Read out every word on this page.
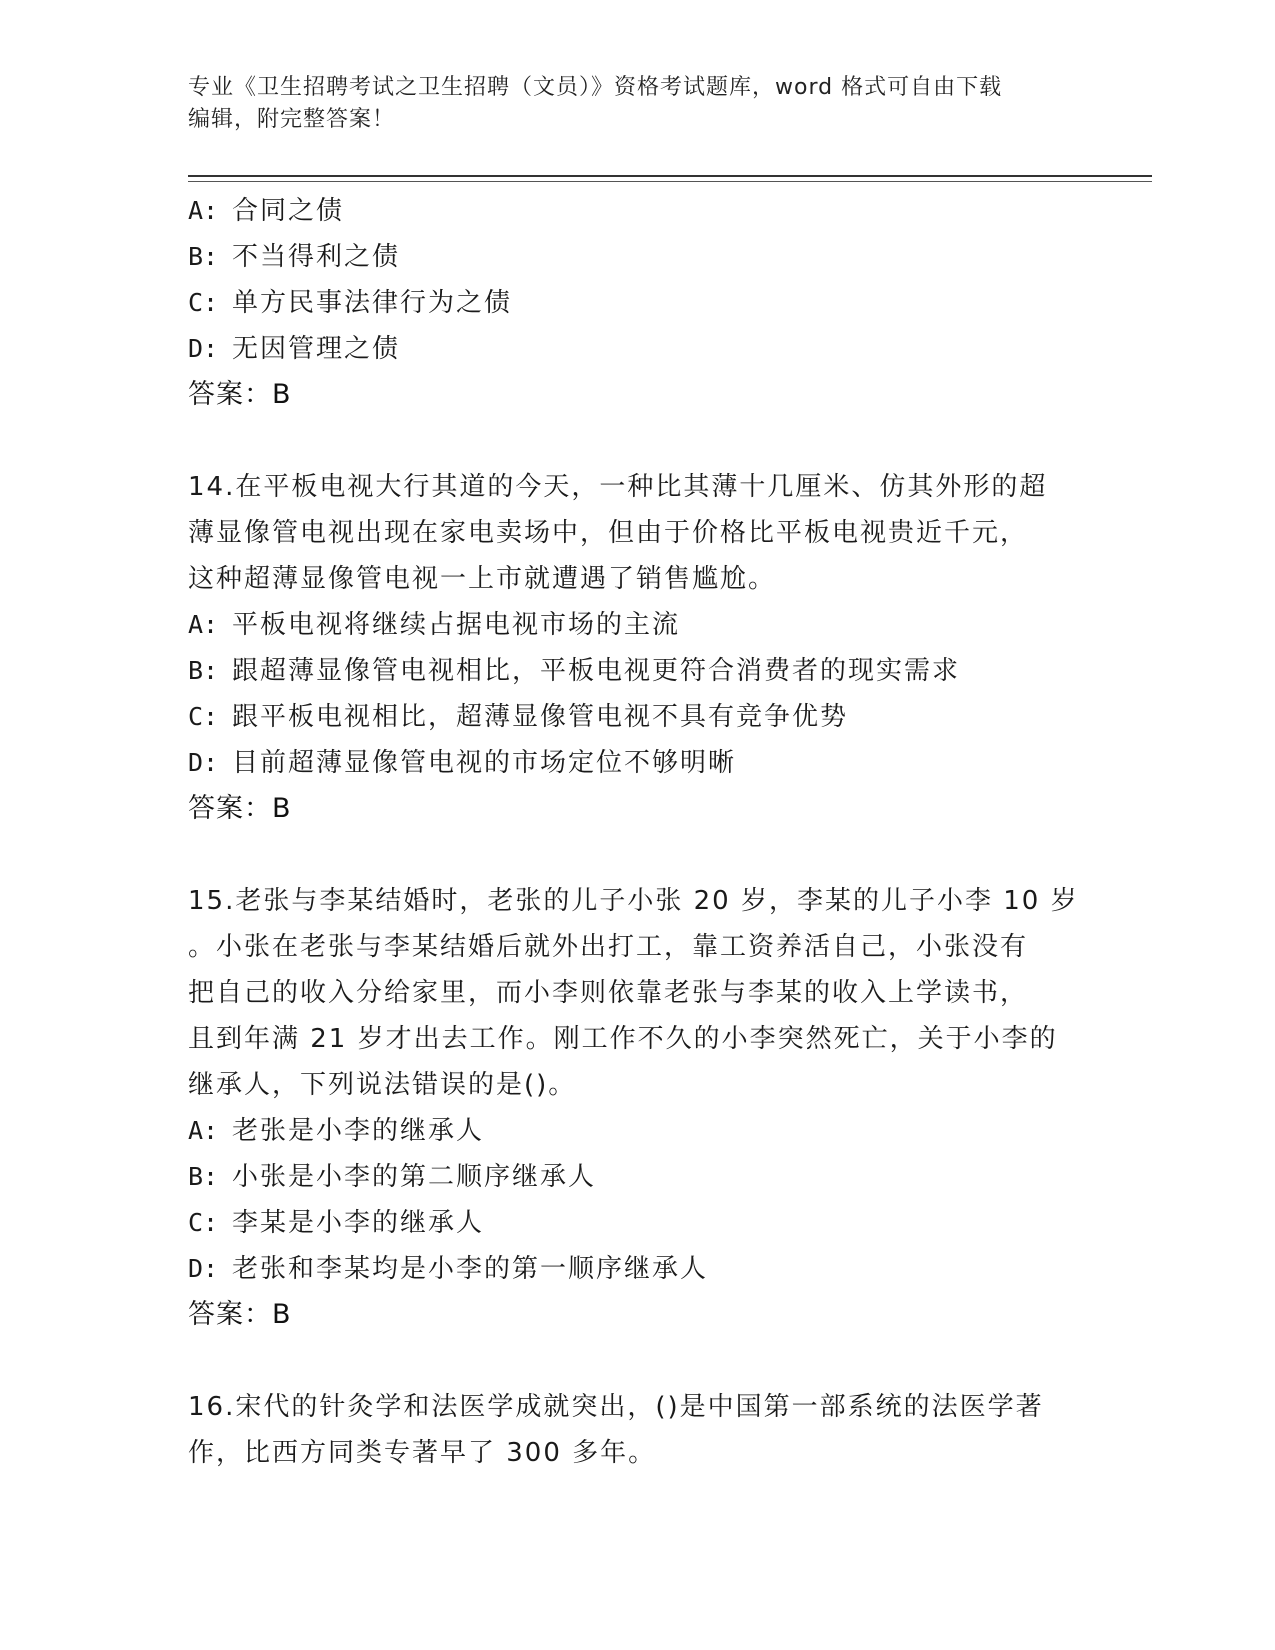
专业《卫生招聘考试之卫生招聘（文员）》资格考试题库，word 格式可自由下载
编辑，附完整答案！

A: 合同之债

B: 不当得利之债

C: 单方民事法律行为之债

D: 无因管理之债

答案：B

14.在平板电视大行其道的今天，一种比其薄十几厘米、仿其外形的超

薄显像管电视出现在家电卖场中，但由于价格比平板电视贵近千元，

这种超薄显像管电视一上市就遭遇了销售尴尬。

A: 平板电视将继续占据电视市场的主流

B: 跟超薄显像管电视相比，平板电视更符合消费者的现实需求

C: 跟平板电视相比，超薄显像管电视不具有竞争优势

D: 目前超薄显像管电视的市场定位不够明晰

答案：B

15.老张与李某结婚时，老张的儿子小张 20 岁，李某的儿子小李 10 岁

。小张在老张与李某结婚后就外出打工，靠工资养活自己，小张没有

把自己的收入分给家里，而小李则依靠老张与李某的收入上学读书，

且到年满 21 岁才出去工作。刚工作不久的小李突然死亡，关于小李的

继承人，下列说法错误的是()。

A: 老张是小李的继承人

B: 小张是小李的第二顺序继承人

C: 李某是小李的继承人

D: 老张和李某均是小李的第一顺序继承人

答案：B

16.宋代的针灸学和法医学成就突出，()是中国第一部系统的法医学著

作，比西方同类专著早了 300 多年。
